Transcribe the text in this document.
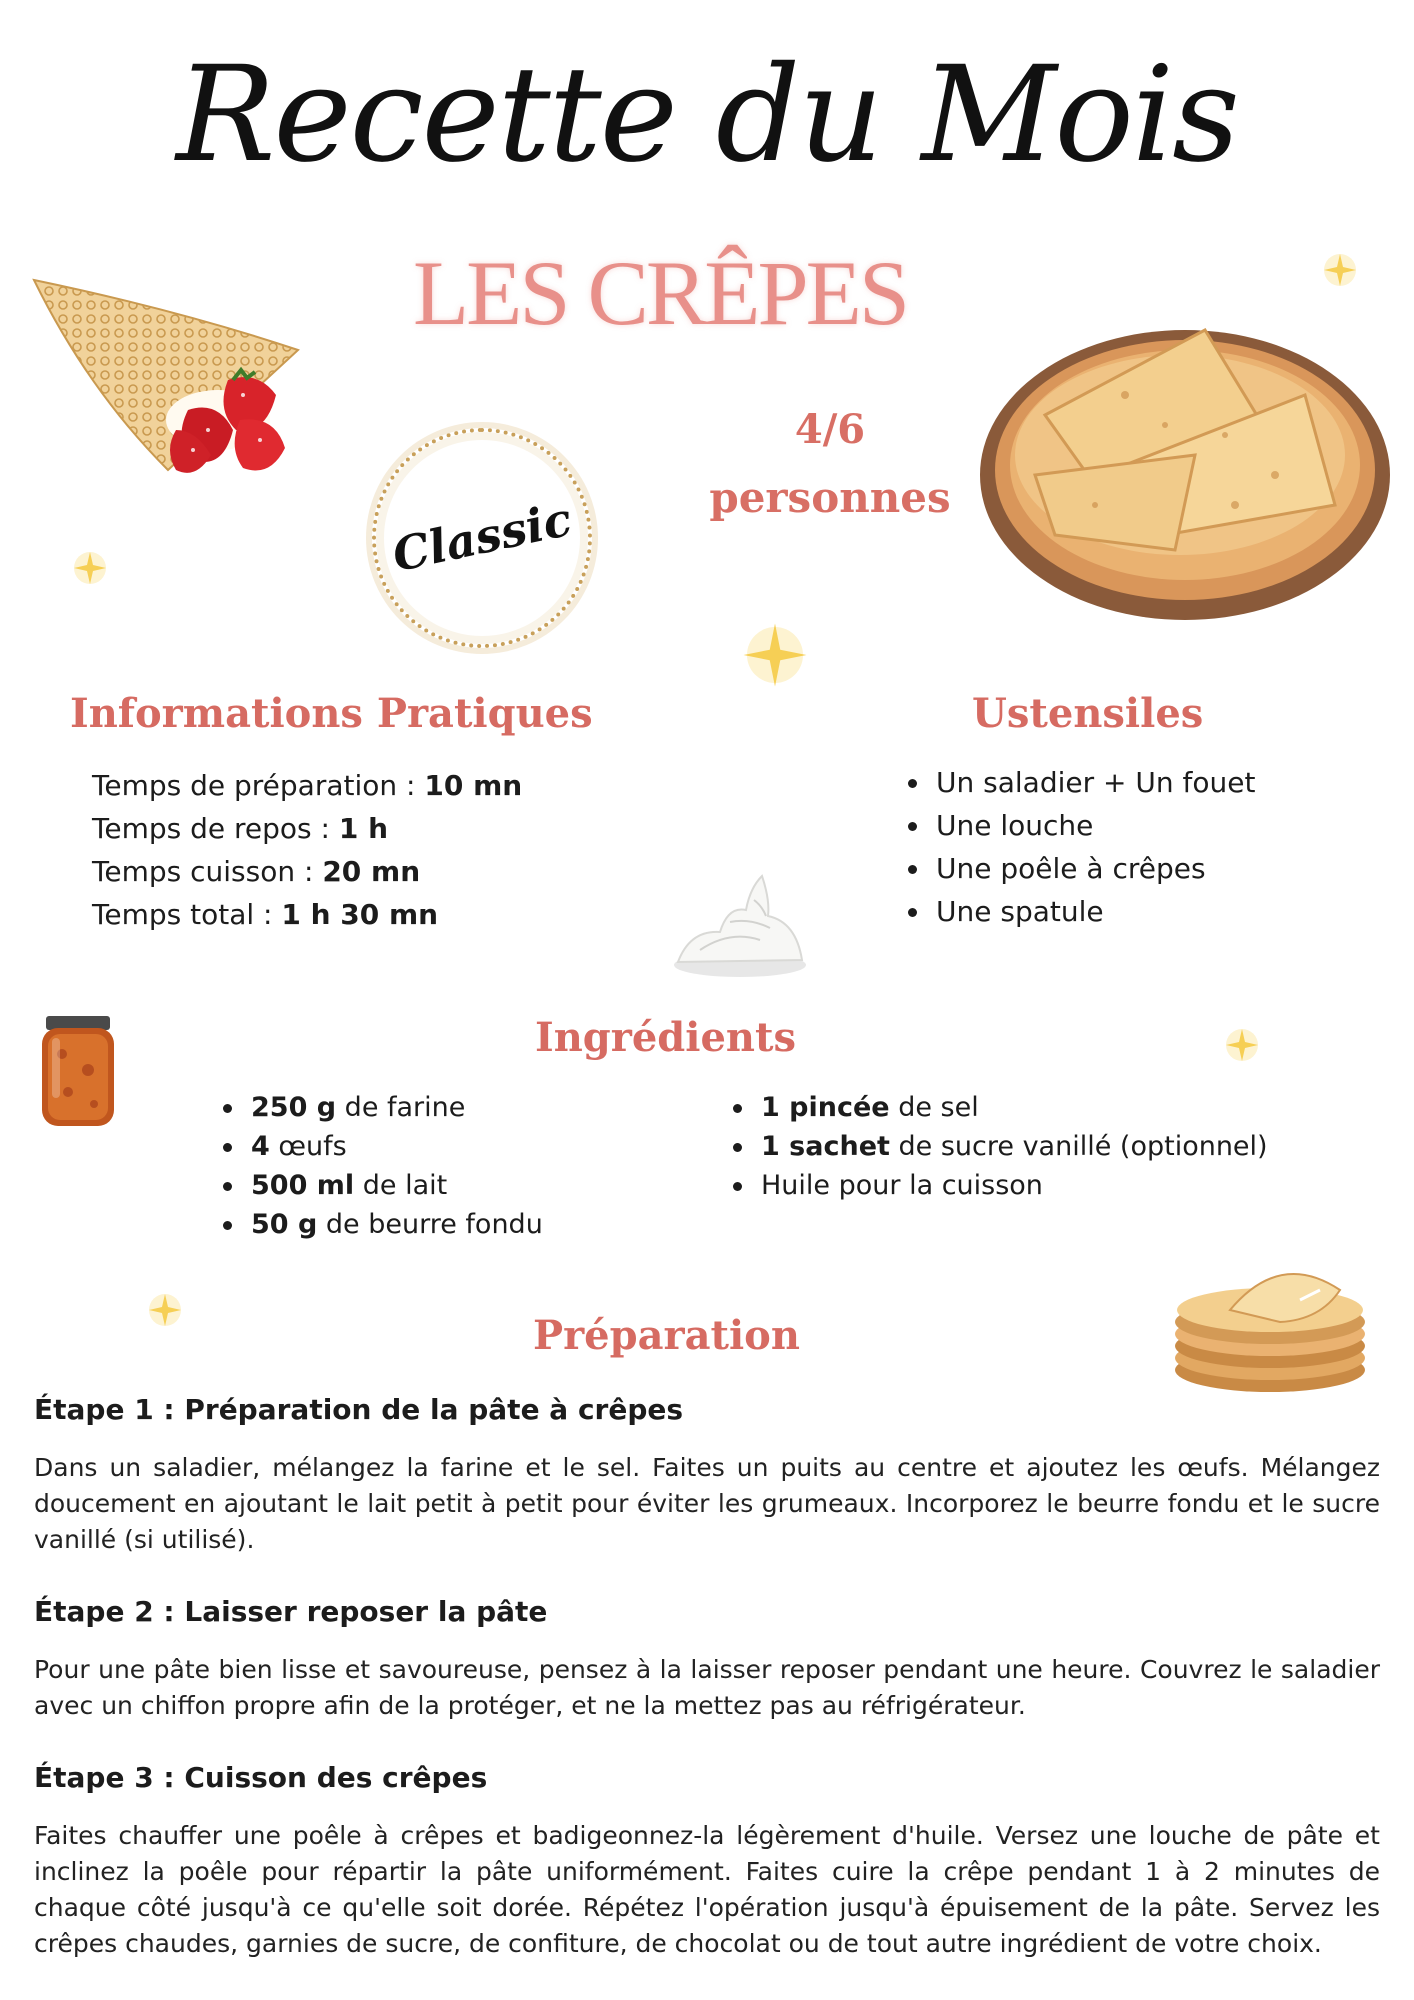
Recette du Mois
LES CRÊPES
Classic
4/6
personnes
Informations Pratiques
Temps de préparation : 10 mn
Temps de repos : 1 h
Temps cuisson : 20 mn
Temps total : 1 h 30 mn
Ustensiles
Un saladier + Un fouet
Une louche
Une poêle à crêpes
Une spatule
Ingrédients
250 g de farine
4 œufs
500 ml de lait
50 g de beurre fondu
1 pincée de sel
1 sachet de sucre vanillé (optionnel)
Huile pour la cuisson
Préparation
Étape 1 : Préparation de la pâte à crêpes
Dans un saladier, mélangez la farine et le sel. Faites un puits au centre et ajoutez les œufs. Mélangez doucement en ajoutant le lait petit à petit pour éviter les grumeaux. Incorporez le beurre fondu et le sucre vanillé (si utilisé).
Étape 2 : Laisser reposer la pâte
Pour une pâte bien lisse et savoureuse, pensez à la laisser reposer pendant une heure. Couvrez le saladier avec un chiffon propre afin de la protéger, et ne la mettez pas au réfrigérateur.
Étape 3 : Cuisson des crêpes
Faites chauffer une poêle à crêpes et badigeonnez-la légèrement d'huile. Versez une louche de pâte et inclinez la poêle pour répartir la pâte uniformément. Faites cuire la crêpe pendant 1 à 2 minutes de chaque côté jusqu'à ce qu'elle soit dorée. Répétez l'opération jusqu'à épuisement de la pâte. Servez les crêpes chaudes, garnies de sucre, de confiture, de chocolat ou de tout autre ingrédient de votre choix.
